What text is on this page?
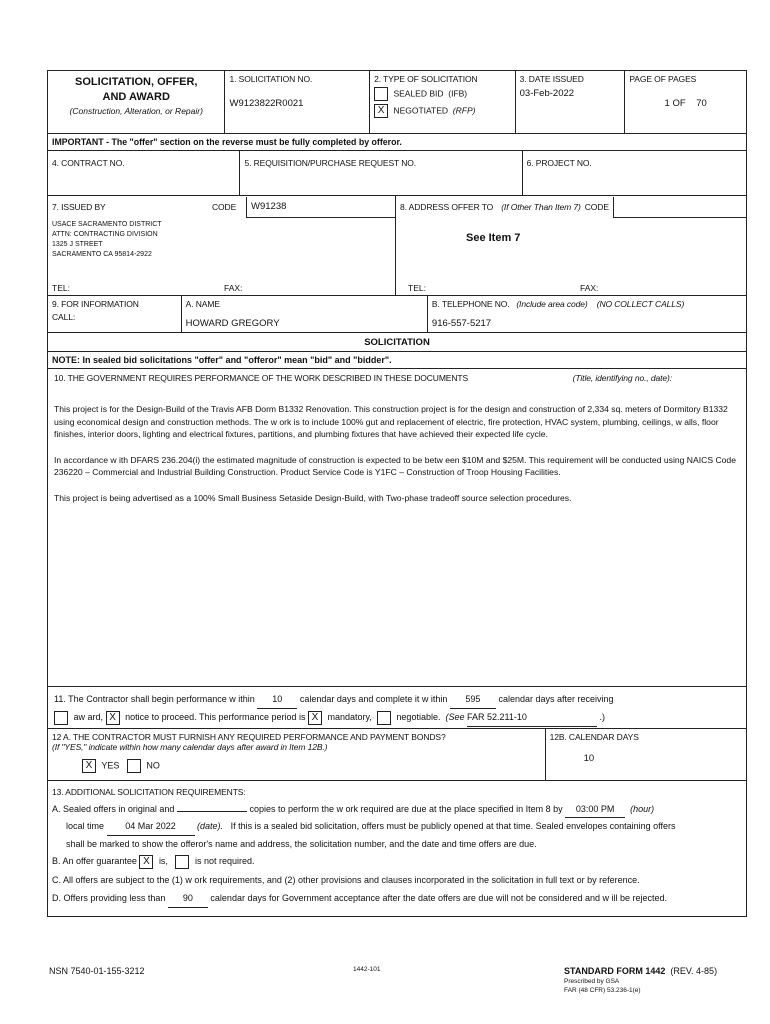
SOLICITATION, OFFER,
AND AWARD
(Construction, Alteration, or Repair)
1. SOLICITATION NO.
W9123822R0021
2. TYPE OF SOLICITATION
SEALED BID (IFB)
X NEGOTIATED (RFP)
3. DATE ISSUED
03-Feb-2022
PAGE OF PAGES
1 OF 70
IMPORTANT - The "offer" section on the reverse must be fully completed by offeror.
4. CONTRACT NO.	5. REQUISITION/PURCHASE REQUEST NO.	6. PROJECT NO.
7. ISSUED BY	CODE	W91238
USACE SACRAMENTO DISTRICT
ATTN: CONTRACTING DIVISION
1325 J STREET
SACRAMENTO CA 95814-2922
TEL:	FAX:
8. ADDRESS OFFER TO (If Other Than Item 7) CODE
See Item 7
TEL:	FAX:
9. FOR INFORMATION
CALL:
A. NAME
HOWARD GREGORY
B. TELEPHONE NO. (Include area code) (NO COLLECT CALLS)
916-557-5217
SOLICITATION
NOTE: In sealed bid solicitations "offer" and "offeror" mean "bid" and "bidder".
10. THE GOVERNMENT REQUIRES PERFORMANCE OF THE WORK DESCRIBED IN THESE DOCUMENTS	(Title, identifying no., date):

This project is for the Design-Build of the Travis AFB Dorm B1332 Renovation. This construction project is for the design and construction of 2,334 sq. meters of Dormitory B1332 using economical design and construction methods. The w ork is to include 100% gut and replacement of electric, fire protection, HVAC system, plumbing, ceilings, w alls, floor finishes, interior doors, lighting and electrical fixtures, partitions, and plumbing fixtures that have achieved their expected life cycle.

In accordance w ith DFARS 236.204(i) the estimated magnitude of construction is expected to be betw een $10M and $25M. This requirement will be conducted using NAICS Code 236220 – Commercial and Industrial Building Construction. Product Service Code is Y1FC – Construction of Troop Housing Facilities.

This project is being advertised as a 100% Small Business Setaside Design-Build, with Two-phase tradeoff source selection procedures.

11. The Contractor shall begin performance w ithin 10 calendar days and complete it w ithin 595 calendar days after receiving
aw ard, X notice to proceed. This performance period is X mandatory,	negotiable. (See FAR 52.211-10	.)
12 A. THE CONTRACTOR MUST FURNISH ANY REQUIRED PERFORMANCE AND PAYMENT BONDS?
(If "YES," indicate within how many calendar days after award in Item 12B.)
X YES	NO
12B. CALENDAR DAYS
10
13. ADDITIONAL SOLICITATION REQUIREMENTS:
A. Sealed offers in original and	copies to perform the w ork required are due at the place specified in Item 8 by 03:00 PM (hour)
local time 04 Mar 2022 (date). If this is a sealed bid solicitation, offers must be publicly opened at that time. Sealed envelopes containing offers
shall be marked to show the offeror's name and address, the solicitation number, and the date and time offers are due.
B. An offer guarantee X is,	is not required.
C. All offers are subject to the (1) w ork requirements, and (2) other provisions and clauses incorporated in the solicitation in full text or by reference.
D. Offers providing less than 90 calendar days for Government acceptance after the date offers are due will not be considered and w ill be rejected.
NSN 7540-01-155-3212	1442-101	STANDARD FORM 1442 (REV. 4-85)
Prescribed by GSA
FAR (48 CFR) 53.236-1(e)
